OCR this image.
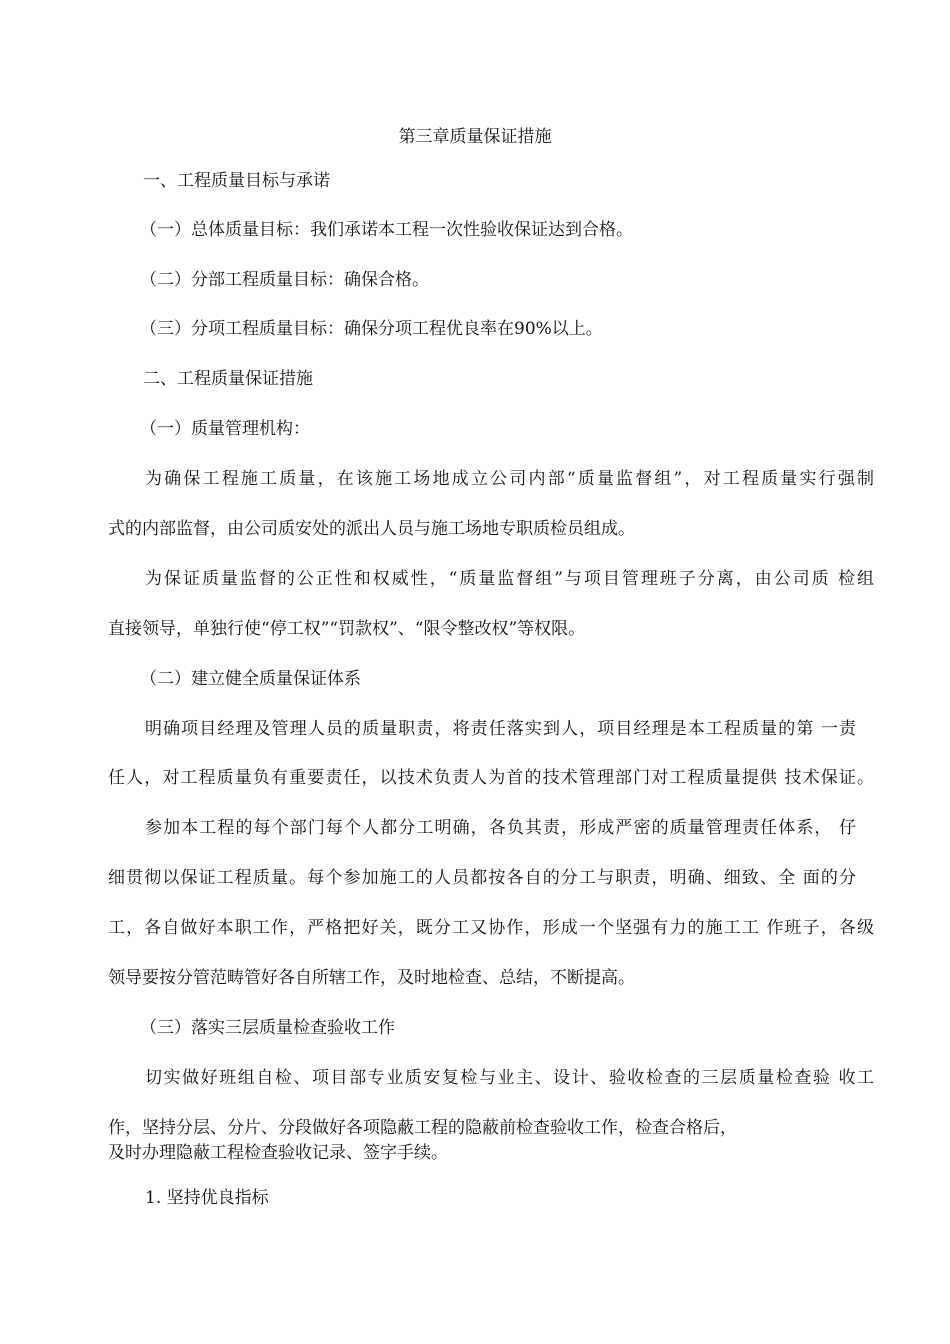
第三章质量保证措施

一、工程质量目标与承诺

（一）总体质量目标：我们承诺本工程一次性验收保证达到合格。

（二）分部工程质量目标：确保合格。

（三）分项工程质量目标：确保分项工程优良率在90%以上。

二、工程质量保证措施

（一）质量管理机构：

为确保工程施工质量，在该施工场地成立公司内部“质量监督组”，对工程质量实行强制

式的内部监督，由公司质安处的派出人员与施工场地专职质检员组成。

为保证质量监督的公正性和权威性，“质量监督组”与项目管理班子分离，由公司质 检组

直接领导，单独行使“停工权”“罚款权”、“限令整改权”等权限。

（二）建立健全质量保证体系

明确项目经理及管理人员的质量职责，将责任落实到人，项目经理是本工程质量的第 一责

任人，对工程质量负有重要责任，以技术负责人为首的技术管理部门对工程质量提供 技术保证。

参加本工程的每个部门每个人都分工明确，各负其责，形成严密的质量管理责任体系， 仔

细贯彻以保证工程质量。每个参加施工的人员都按各自的分工与职责，明确、细致、全 面的分

工，各自做好本职工作，严格把好关，既分工又协作，形成一个坚强有力的施工工 作班子，各级

领导要按分管范畴管好各自所辖工作，及时地检查、总结，不断提高。

（三）落实三层质量检查验收工作

切实做好班组自检、项目部专业质安复检与业主、设计、验收检查的三层质量检查验 收工

作，坚持分层、分片、分段做好各项隐蔽工程的隐蔽前检查验收工作，检查合格后，

及时办理隐蔽工程检查验收记录、签字手续。

1. 坚持优良指标
